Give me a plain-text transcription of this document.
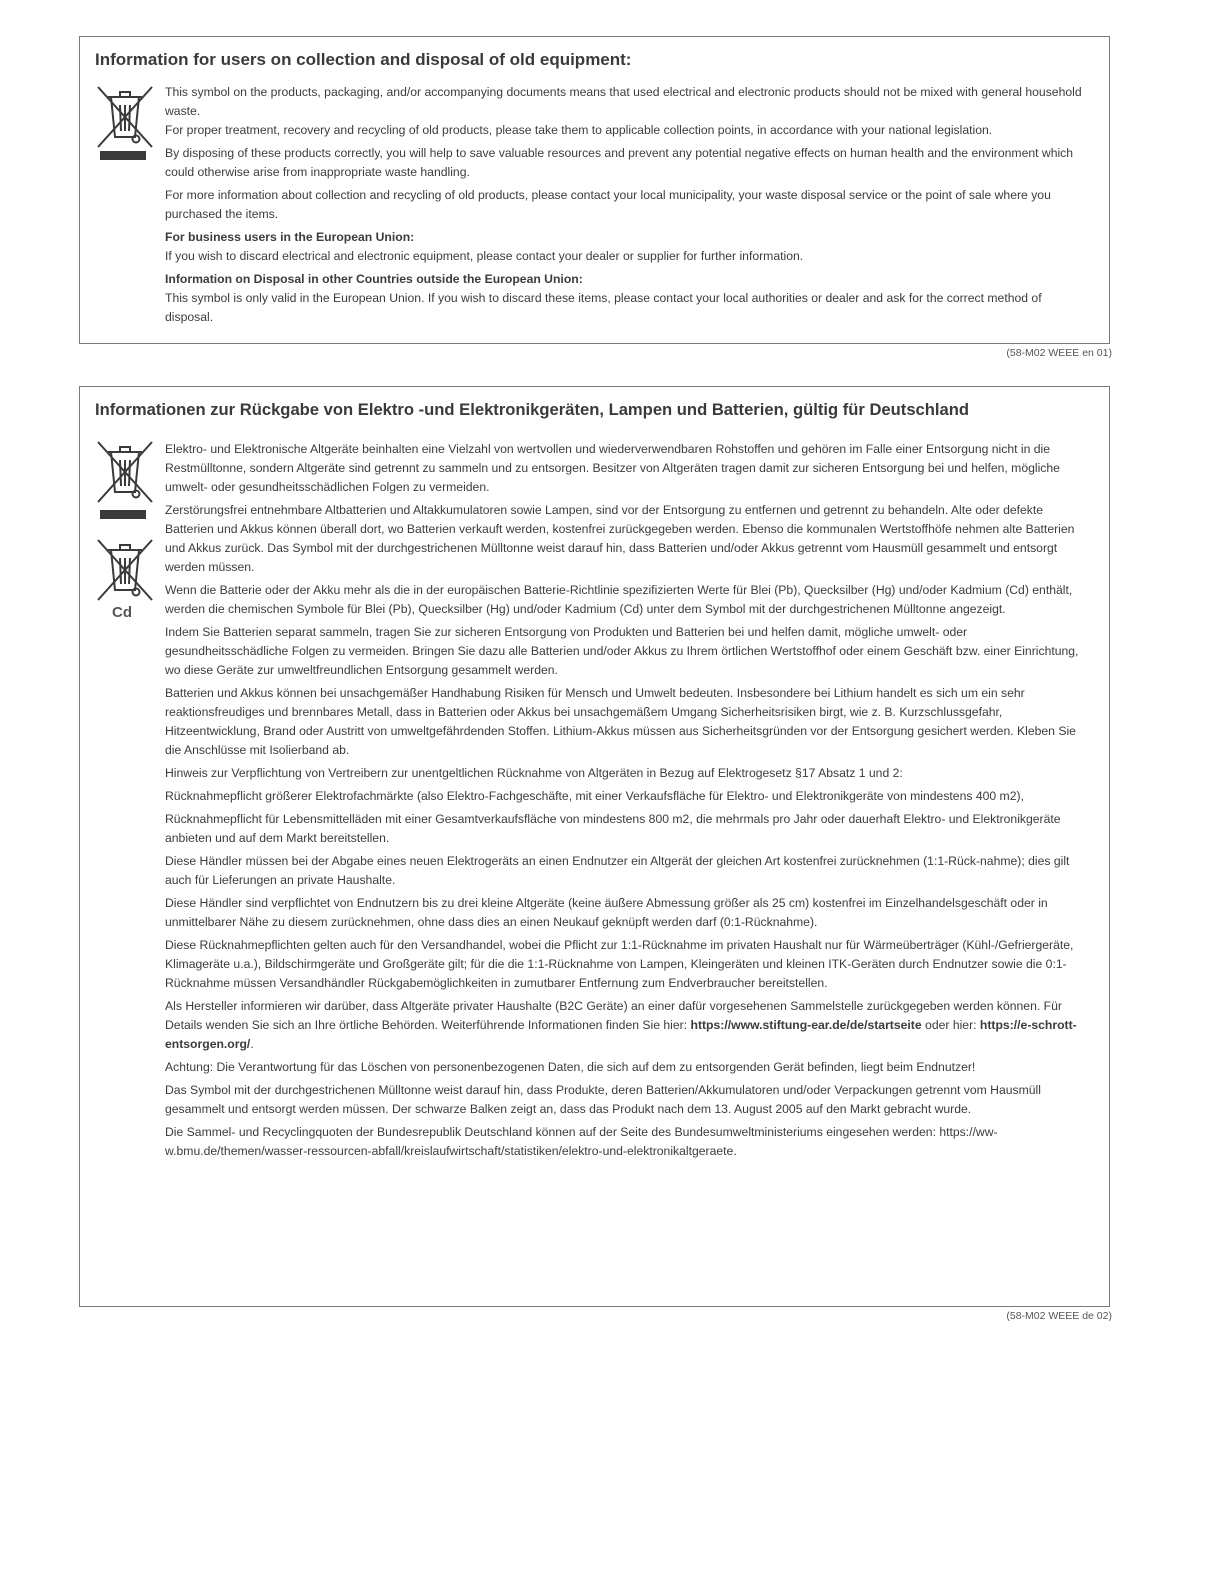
Information for users on collection and disposal of old equipment:

This symbol on the products, packaging, and/or accompanying documents means that used electrical and electronic products should not be mixed with general household waste.

For proper treatment, recovery and recycling of old products, please take them to applicable collection points, in accordance with your national legislation.

By disposing of these products correctly, you will help to save valuable resources and prevent any potential negative effects on human health and the environment which could otherwise arise from inappropriate waste handling.

For more information about collection and recycling of old products, please contact your local municipality, your waste disposal service or the point of sale where you purchased the items.

For business users in the European Union:

If you wish to discard electrical and electronic equipment, please contact your dealer or supplier for further information.

Information on Disposal in other Countries outside the European Union:

This symbol is only valid in the European Union. If you wish to discard these items, please contact your local authorities or dealer and ask for the correct method of disposal.

(58-M02 WEEE en 01)
Informationen zur Rückgabe von Elektro -und Elektronikgeräten, Lampen und Batterien, gültig für Deutschland
Cd

Elektro- und Elektronische Altgeräte beinhalten eine Vielzahl von wertvollen und wiederverwendbaren Rohstoffen und gehören im Falle einer Entsorgung nicht in die Restmülltonne, sondern Altgeräte sind getrennt zu sammeln und zu entsorgen. Besitzer von Altgeräten tragen damit zur sicheren Entsorgung bei und helfen, mögliche umwelt- oder gesundheitsschädlichen Folgen zu vermeiden.

Zerstörungsfrei entnehmbare Altbatterien und Altakkumulatoren sowie Lampen, sind vor der Entsorgung zu entfernen und getrennt zu behandeln. Alte oder defekte Batterien und Akkus können überall dort, wo Batterien verkauft werden, kostenfrei zurückgegeben werden. Ebenso die kommunalen Wertstoffhöfe nehmen alte Batterien und Akkus zurück. Das Symbol mit der durchgestrichenen Mülltonne weist darauf hin, dass Batterien und/oder Akkus getrennt vom Hausmüll gesammelt und entsorgt werden müssen.

Wenn die Batterie oder der Akku mehr als die in der europäischen Batterie-Richtlinie spezifizierten Werte für Blei (Pb), Quecksilber (Hg) und/oder Kadmium (Cd) enthält, werden die chemischen Symbole für Blei (Pb), Quecksilber (Hg) und/oder Kadmium (Cd) unter dem Symbol mit der durchgestrichenen Mülltonne angezeigt.

Indem Sie Batterien separat sammeln, tragen Sie zur sicheren Entsorgung von Produkten und Batterien bei und helfen damit, mögliche umwelt- oder gesundheitsschädliche Folgen zu vermeiden. Bringen Sie dazu alle Batterien und/oder Akkus zu Ihrem örtlichen Wertstoffhof oder einem Geschäft bzw. einer Einrichtung, wo diese Geräte zur umweltfreundlichen Entsorgung gesammelt werden.

Batterien und Akkus können bei unsachgemäßer Handhabung Risiken für Mensch und Umwelt bedeuten. Insbesondere bei Lithium handelt es sich um ein sehr reaktionsfreudiges und brennbares Metall, dass in Batterien oder Akkus bei unsachgemäßem Umgang Sicherheitsrisiken birgt, wie z. B. Kurzschlussgefahr, Hitzeentwicklung, Brand oder Austritt von umweltgefährdenden Stoffen. Lithium-Akkus müssen aus Sicherheitsgründen vor der Entsorgung gesichert werden. Kleben Sie die Anschlüsse mit Isolierband ab.

Hinweis zur Verpflichtung von Vertreibern zur unentgeltlichen Rücknahme von Altgeräten in Bezug auf Elektrogesetz §17 Absatz 1 und 2:

Rücknahmepflicht größerer Elektrofachmärkte (also Elektro-Fachgeschäfte, mit einer Verkaufsfläche für Elektro- und Elektronikgeräte von mindestens 400 m2),

Rücknahmepflicht für Lebensmittelläden mit einer Gesamtverkaufsfläche von mindestens 800 m2, die mehrmals pro Jahr oder dauerhaft Elektro- und Elektronikgeräte anbieten und auf dem Markt bereitstellen.

Diese Händler müssen bei der Abgabe eines neuen Elektrogeräts an einen Endnutzer ein Altgerät der gleichen Art kostenfrei zurücknehmen (1:1-Rück-nahme); dies gilt auch für Lieferungen an private Haushalte.

Diese Händler sind verpflichtet von Endnutzern bis zu drei kleine Altgeräte (keine äußere Abmessung größer als 25 cm) kostenfrei im Einzelhandelsgeschäft oder in unmittelbarer Nähe zu diesem zurücknehmen, ohne dass dies an einen Neukauf geknüpft werden darf (0:1-Rücknahme).

Diese Rücknahmepflichten gelten auch für den Versandhandel, wobei die Pflicht zur 1:1-Rücknahme im privaten Haushalt nur für Wärmeüberträger (Kühl-/Gefriergeräte, Klimageräte u.a.), Bildschirmgeräte und Großgeräte gilt; für die die 1:1-Rücknahme von Lampen, Kleingeräten und kleinen ITK-Geräten durch Endnutzer sowie die 0:1-Rücknahme müssen Versandhändler Rückgabemöglichkeiten in zumutbarer Entfernung zum Endverbraucher bereitstellen.

Als Hersteller informieren wir darüber, dass Altgeräte privater Haushalte (B2C Geräte) an einer dafür vorgesehenen Sammelstelle zurückgegeben werden können. Für Details wenden Sie sich an Ihre örtliche Behörden. Weiterführende Informationen finden Sie hier: https://www.stiftung-ear.de/de/startseite oder hier: https://e-schrott-entsorgen.org/.

Achtung: Die Verantwortung für das Löschen von personenbezogenen Daten, die sich auf dem zu entsorgenden Gerät befinden, liegt beim Endnutzer!

Das Symbol mit der durchgestrichenen Mülltonne weist darauf hin, dass Produkte, deren Batterien/Akkumulatoren und/oder Verpackungen getrennt vom Hausmüll gesammelt und entsorgt werden müssen. Der schwarze Balken zeigt an, dass das Produkt nach dem 13. August 2005 auf den Markt gebracht wurde.

Die Sammel- und Recyclingquoten der Bundesrepublik Deutschland können auf der Seite des Bundesumweltministeriums eingesehen werden: https://ww-w.bmu.de/themen/wasser-ressourcen-abfall/kreislaufwirtschaft/statistiken/elektro-und-elektronikaltgeraete.

(58-M02 WEEE de 02)
